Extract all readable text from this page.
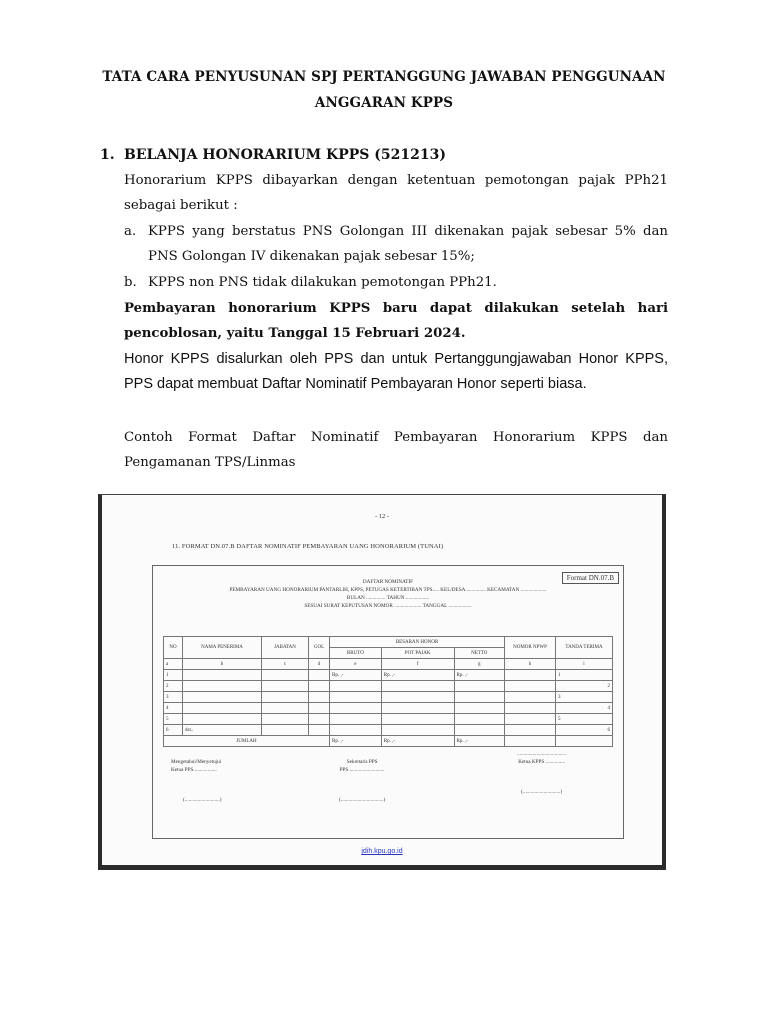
TATA CARA PENYUSUNAN SPJ PERTANGGUNG JAWABAN PENGGUNAAN
ANGGARAN KPPS
1. BELANJA HONORARIUM KPPS (521213)
Honorarium KPPS dibayarkan dengan ketentuan pemotongan pajak PPh21 sebagai berikut :
a. KPPS yang berstatus PNS Golongan III dikenakan pajak sebesar 5% dan PNS Golongan IV dikenakan pajak sebesar 15%;
b. KPPS non PNS tidak dilakukan pemotongan PPh21.
Pembayaran honorarium KPPS baru dapat dilakukan setelah hari pencoblosan, yaitu Tanggal 15 Februari 2024.
Honor KPPS disalurkan oleh PPS dan untuk Pertanggungjawaban Honor KPPS, PPS dapat membuat Daftar Nominatif Pembayaran Honor seperti biasa.
Contoh Format Daftar Nominatif Pembayaran Honorarium KPPS dan Pengamanan TPS/Linmas
- 12 -
11. FORMAT DN.07.B DAFTAR NOMINATIF PEMBAYARAN UANG HONORARIUM (TUNAI)
Format DN.07.B
DAFTAR NOMINATIF
PEMBAYARAN UANG HONORARIUM PANTARLIH, KPPS, PETUGAS KETERTIBAN TPS..... KEL/DESA ............... KECAMATAN ....................
BULAN ............... TAHUN ..................
SESUAI SURAT KEPUTUSAN NOMOR ..................... TANGGAL ..................
NO	NAMA PENERIMA	JABATAN	GOL	BESARAN HONOR			NOMOR NPWP	TANDA TERIMA
				BRUTO	POT PAJAK	NETTO		
a	b	c	d	e	f	g	h	i
1				Rp. ,-	Rp. ,-	Rp. ,-		1
2								2
3								3
4								4
5								5
6	dst..							6
JUMLAH				Rp. ,-	Rp. ,-	Rp. ,-		
Mengetahui/Menyetujui
Ketua PPS..................
(...........................)
Sekretaris PPS
PPS ...........................
(.................................)
......................................
Ketua KPPS ...............
(.............................)
jdih.kpu.go.id
